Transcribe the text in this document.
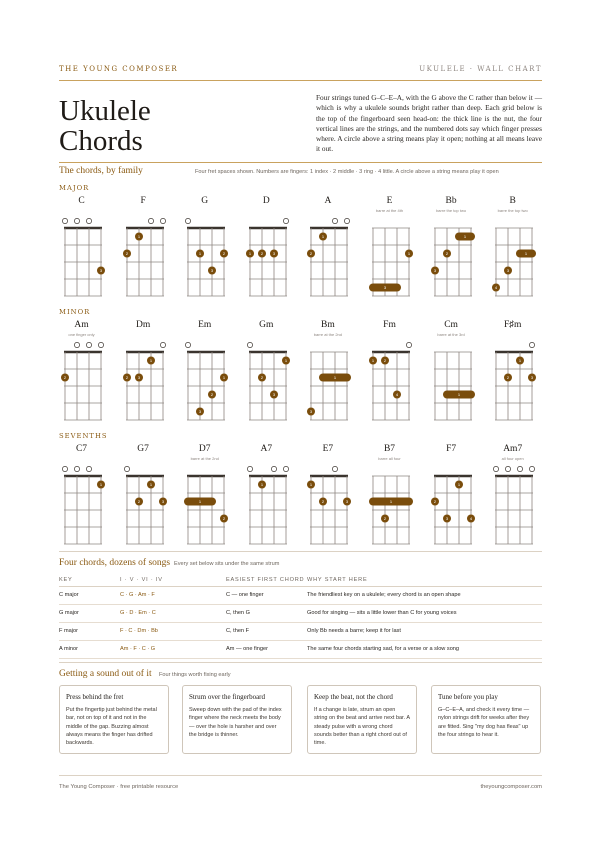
THE YOUNG COMPOSER	UKULELE · WALL CHART
Ukulele
Chords

Four strings tuned G–C–E–A, with the G above the C rather than below it — which is why a ukulele sounds bright rather than deep. Each grid below is the top of the fingerboard seen head-on: the thick line is the nut, the four vertical lines are the strings, and the numbered dots say which finger presses where. A circle above a string means play it open; nothing at all means leave it out.

The chords, by family	Four fret spaces shown. Numbers are fingers: 1 index · 2 middle · 3 ring · 4 little. A circle above a string means play it open
MAJOR
C
3
F
2
1
G
1	2
3
D
1 2 3
A
2
1
E
barre at the 4th
3
1
Bb
barre the top two
1
2
3
B
barre the top two
1
3
4
MINOR
Am
one finger only
2
Dm
2 3
1
Em
1
2
3
Gm
1
2
3
Bm
barre at the 2nd
1
3
Fm
1 2
4
Cm
barre at the 3rd
1
F♯m
1
2	3
SEVENTHS
C7
1
G7
1
2	3
D7
barre at the 2nd
1
2
A7
1
E7
1
2	3
B7
barre all four
1
2
F7
1
2
3	4
Am7
all four open
Four chords, dozens of songs Every set below sits under the same strum
KEY	I · V · VI · IV	EASIEST FIRST CHORD	WHY START HERE
C major	C · G · Am · F	C — one finger	The friendliest key on a ukulele; every chord is an open shape
G major	G · D · Em · C	C, then G	Good for singing — sits a little lower than C for young voices
F major	F · C · Dm · Bb	C, then F	Only Bb needs a barre; keep it for last
A minor	Am · F · C · G	Am — one finger	The same four chords starting sad, for a verse or a slow song
Getting a sound out of it Four things worth fixing early
Press behind the fret
Put the fingertip just behind the metal bar, not on top of it and not in the middle of the gap. Buzzing almost always means the finger has drifted backwards.
Strum over the fingerboard
Sweep down with the pad of the index finger where the neck meets the body — over the hole is harsher and over the bridge is thinner.
Keep the beat, not the chord
If a change is late, strum an open string on the beat and arrive next bar. A steady pulse with a wrong chord sounds better than a right chord out of time.
Tune before you play
G–C–E–A, and check it every time — nylon strings drift for weeks after they are fitted. Sing "my dog has fleas" up the four strings to hear it.
The Young Composer · free printable resource	theyoungcomposer.com
